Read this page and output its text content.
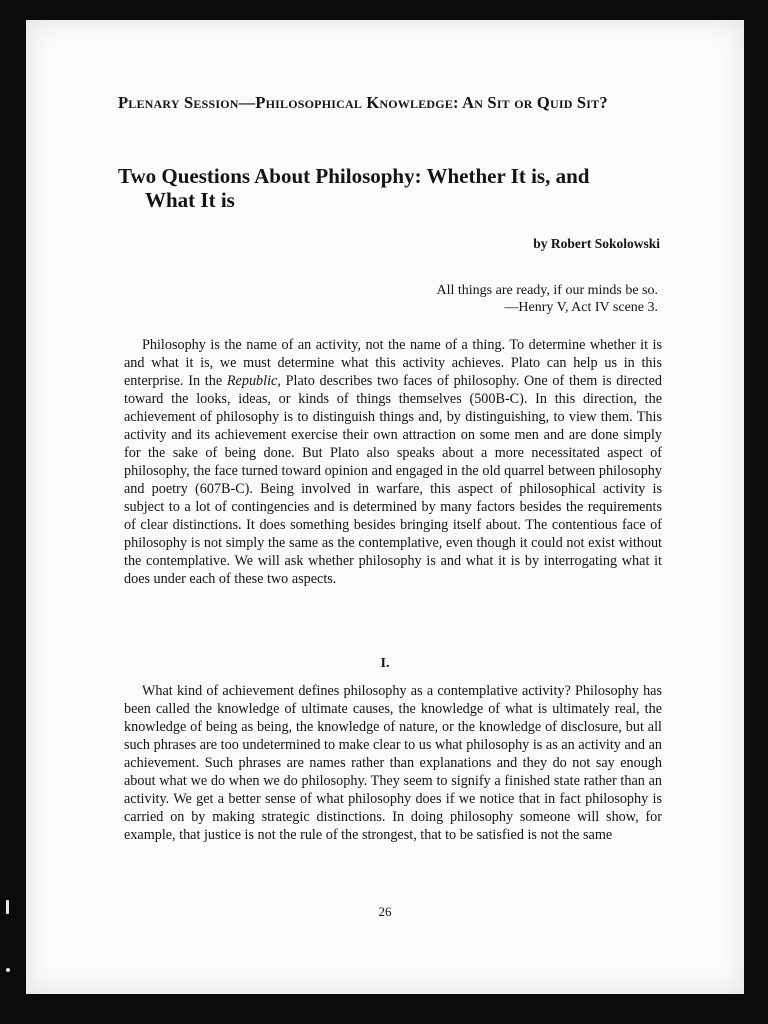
Plenary Session—Philosophical Knowledge: An Sit or Quid Sit?
Two Questions About Philosophy: Whether It is, and
What It is
by Robert Sokolowski
All things are ready, if our minds be so.
—Henry V, Act IV scene 3.

Philosophy is the name of an activity, not the name of a thing. To determine whether it is and what it is, we must determine what this activity achieves. Plato can help us in this enterprise. In the Republic, Plato describes two faces of philosophy. One of them is directed toward the looks, ideas, or kinds of things themselves (500B-C). In this direction, the achievement of philosophy is to distinguish things and, by distinguishing, to view them. This activity and its achievement exercise their own attraction on some men and are done simply for the sake of being done. But Plato also speaks about a more necessitated aspect of philosophy, the face turned toward opinion and engaged in the old quarrel between philosophy and poetry (607B-C). Being involved in warfare, this aspect of philosophical activity is subject to a lot of contingencies and is determined by many factors besides the requirements of clear distinctions. It does something besides bringing itself about. The contentious face of philosophy is not simply the same as the contemplative, even though it could not exist without the contemplative. We will ask whether philosophy is and what it is by interrogating what it does under each of these two aspects.

I.

What kind of achievement defines philosophy as a contemplative activity? Philosophy has been called the knowledge of ultimate causes, the knowledge of what is ultimately real, the knowledge of being as being, the knowledge of nature, or the knowledge of disclosure, but all such phrases are too undetermined to make clear to us what philosophy is as an activity and an achievement. Such phrases are names rather than explanations and they do not say enough about what we do when we do philosophy. They seem to signify a finished state rather than an activity. We get a better sense of what philosophy does if we notice that in fact philosophy is carried on by making strategic distinctions. In doing philosophy someone will show, for example, that justice is not the rule of the strongest, that to be satisfied is not the same

26
